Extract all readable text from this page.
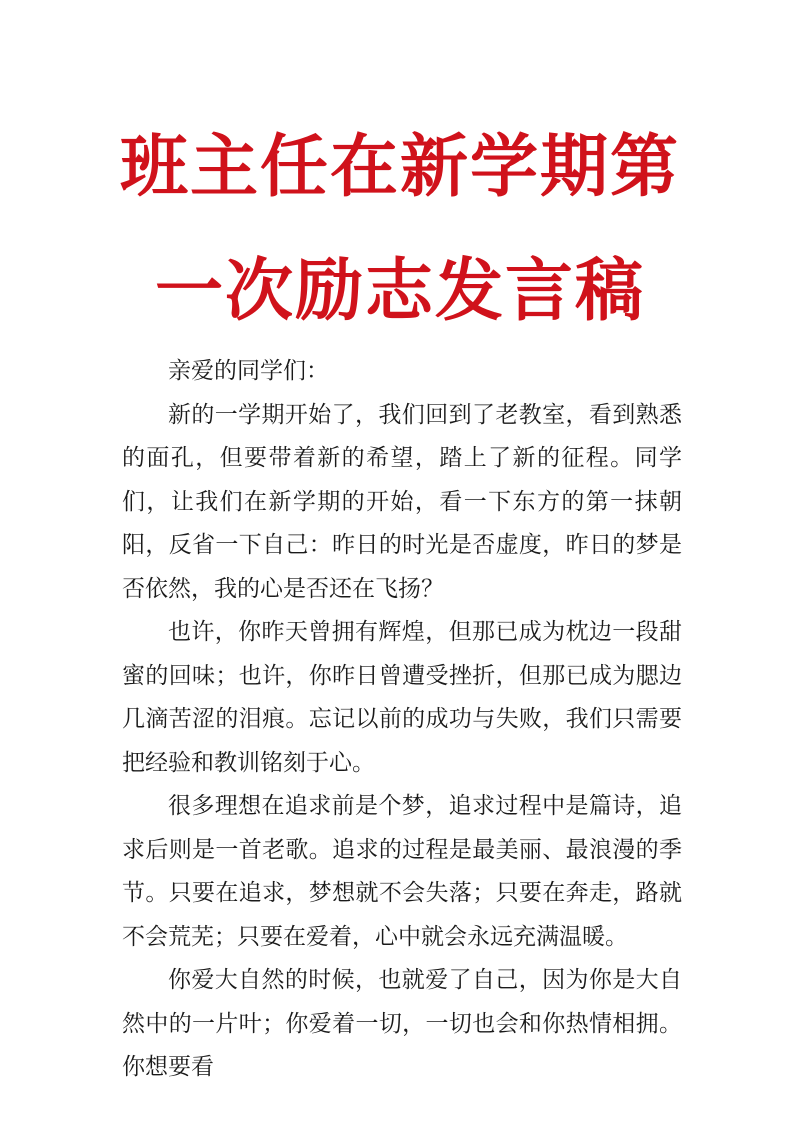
班主任在新学期第
一次励志发言稿

亲爱的同学们：

新的一学期开始了，我们回到了老教室，看到熟悉的面孔，但要带着新的希望，踏上了新的征程。同学们，让我们在新学期的开始，看一下东方的第一抹朝阳，反省一下自己：昨日的时光是否虚度，昨日的梦是否依然，我的心是否还在飞扬？

也许，你昨天曾拥有辉煌，但那已成为枕边一段甜蜜的回味；也许，你昨日曾遭受挫折，但那已成为腮边几滴苦涩的泪痕。忘记以前的成功与失败，我们只需要把经验和教训铭刻于心。

很多理想在追求前是个梦，追求过程中是篇诗，追求后则是一首老歌。追求的过程是最美丽、最浪漫的季节。只要在追求，梦想就不会失落；只要在奔走，路就不会荒芜；只要在爱着，心中就会永远充满温暖。

你爱大自然的时候，也就爱了自己，因为你是大自然中的一片叶；你爱着一切，一切也会和你热情相拥。你想要看
